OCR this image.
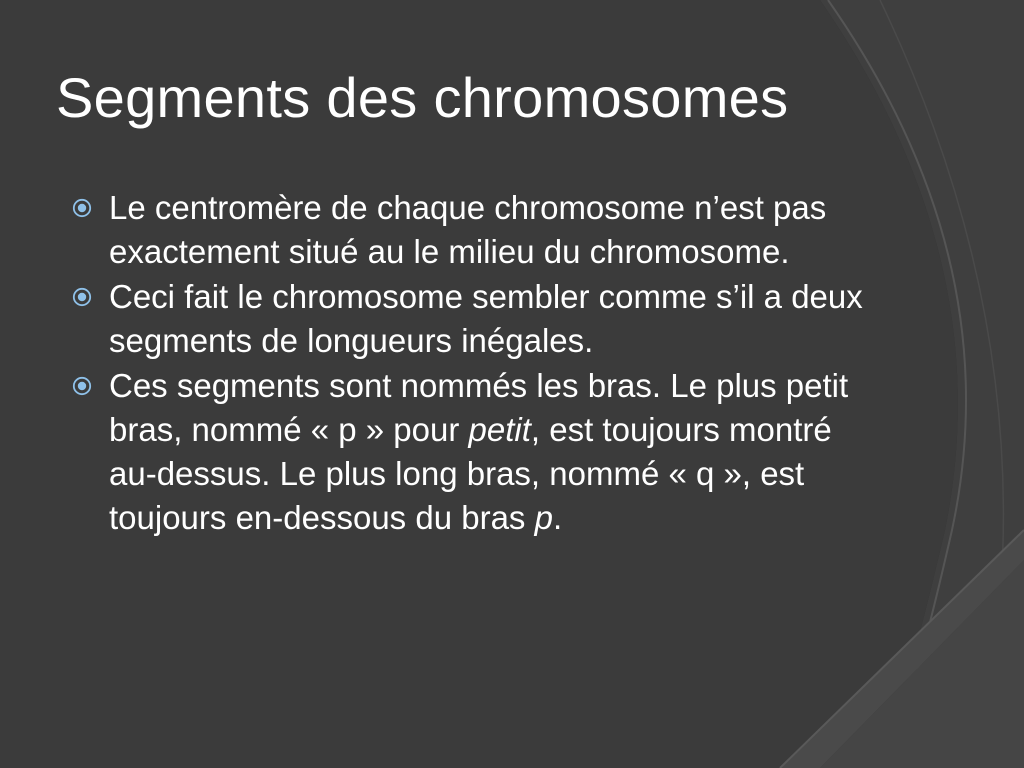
Segments des chromosomes
Le centromère de chaque chromosome n’est pas exactement situé au le milieu du chromosome.
Ceci fait le chromosome sembler comme s’il a deux segments de longueurs inégales.
Ces segments sont nommés les bras. Le plus petit bras, nommé « p » pour petit, est toujours montré au-dessus. Le plus long bras, nommé « q », est toujours en-dessous du bras p.
